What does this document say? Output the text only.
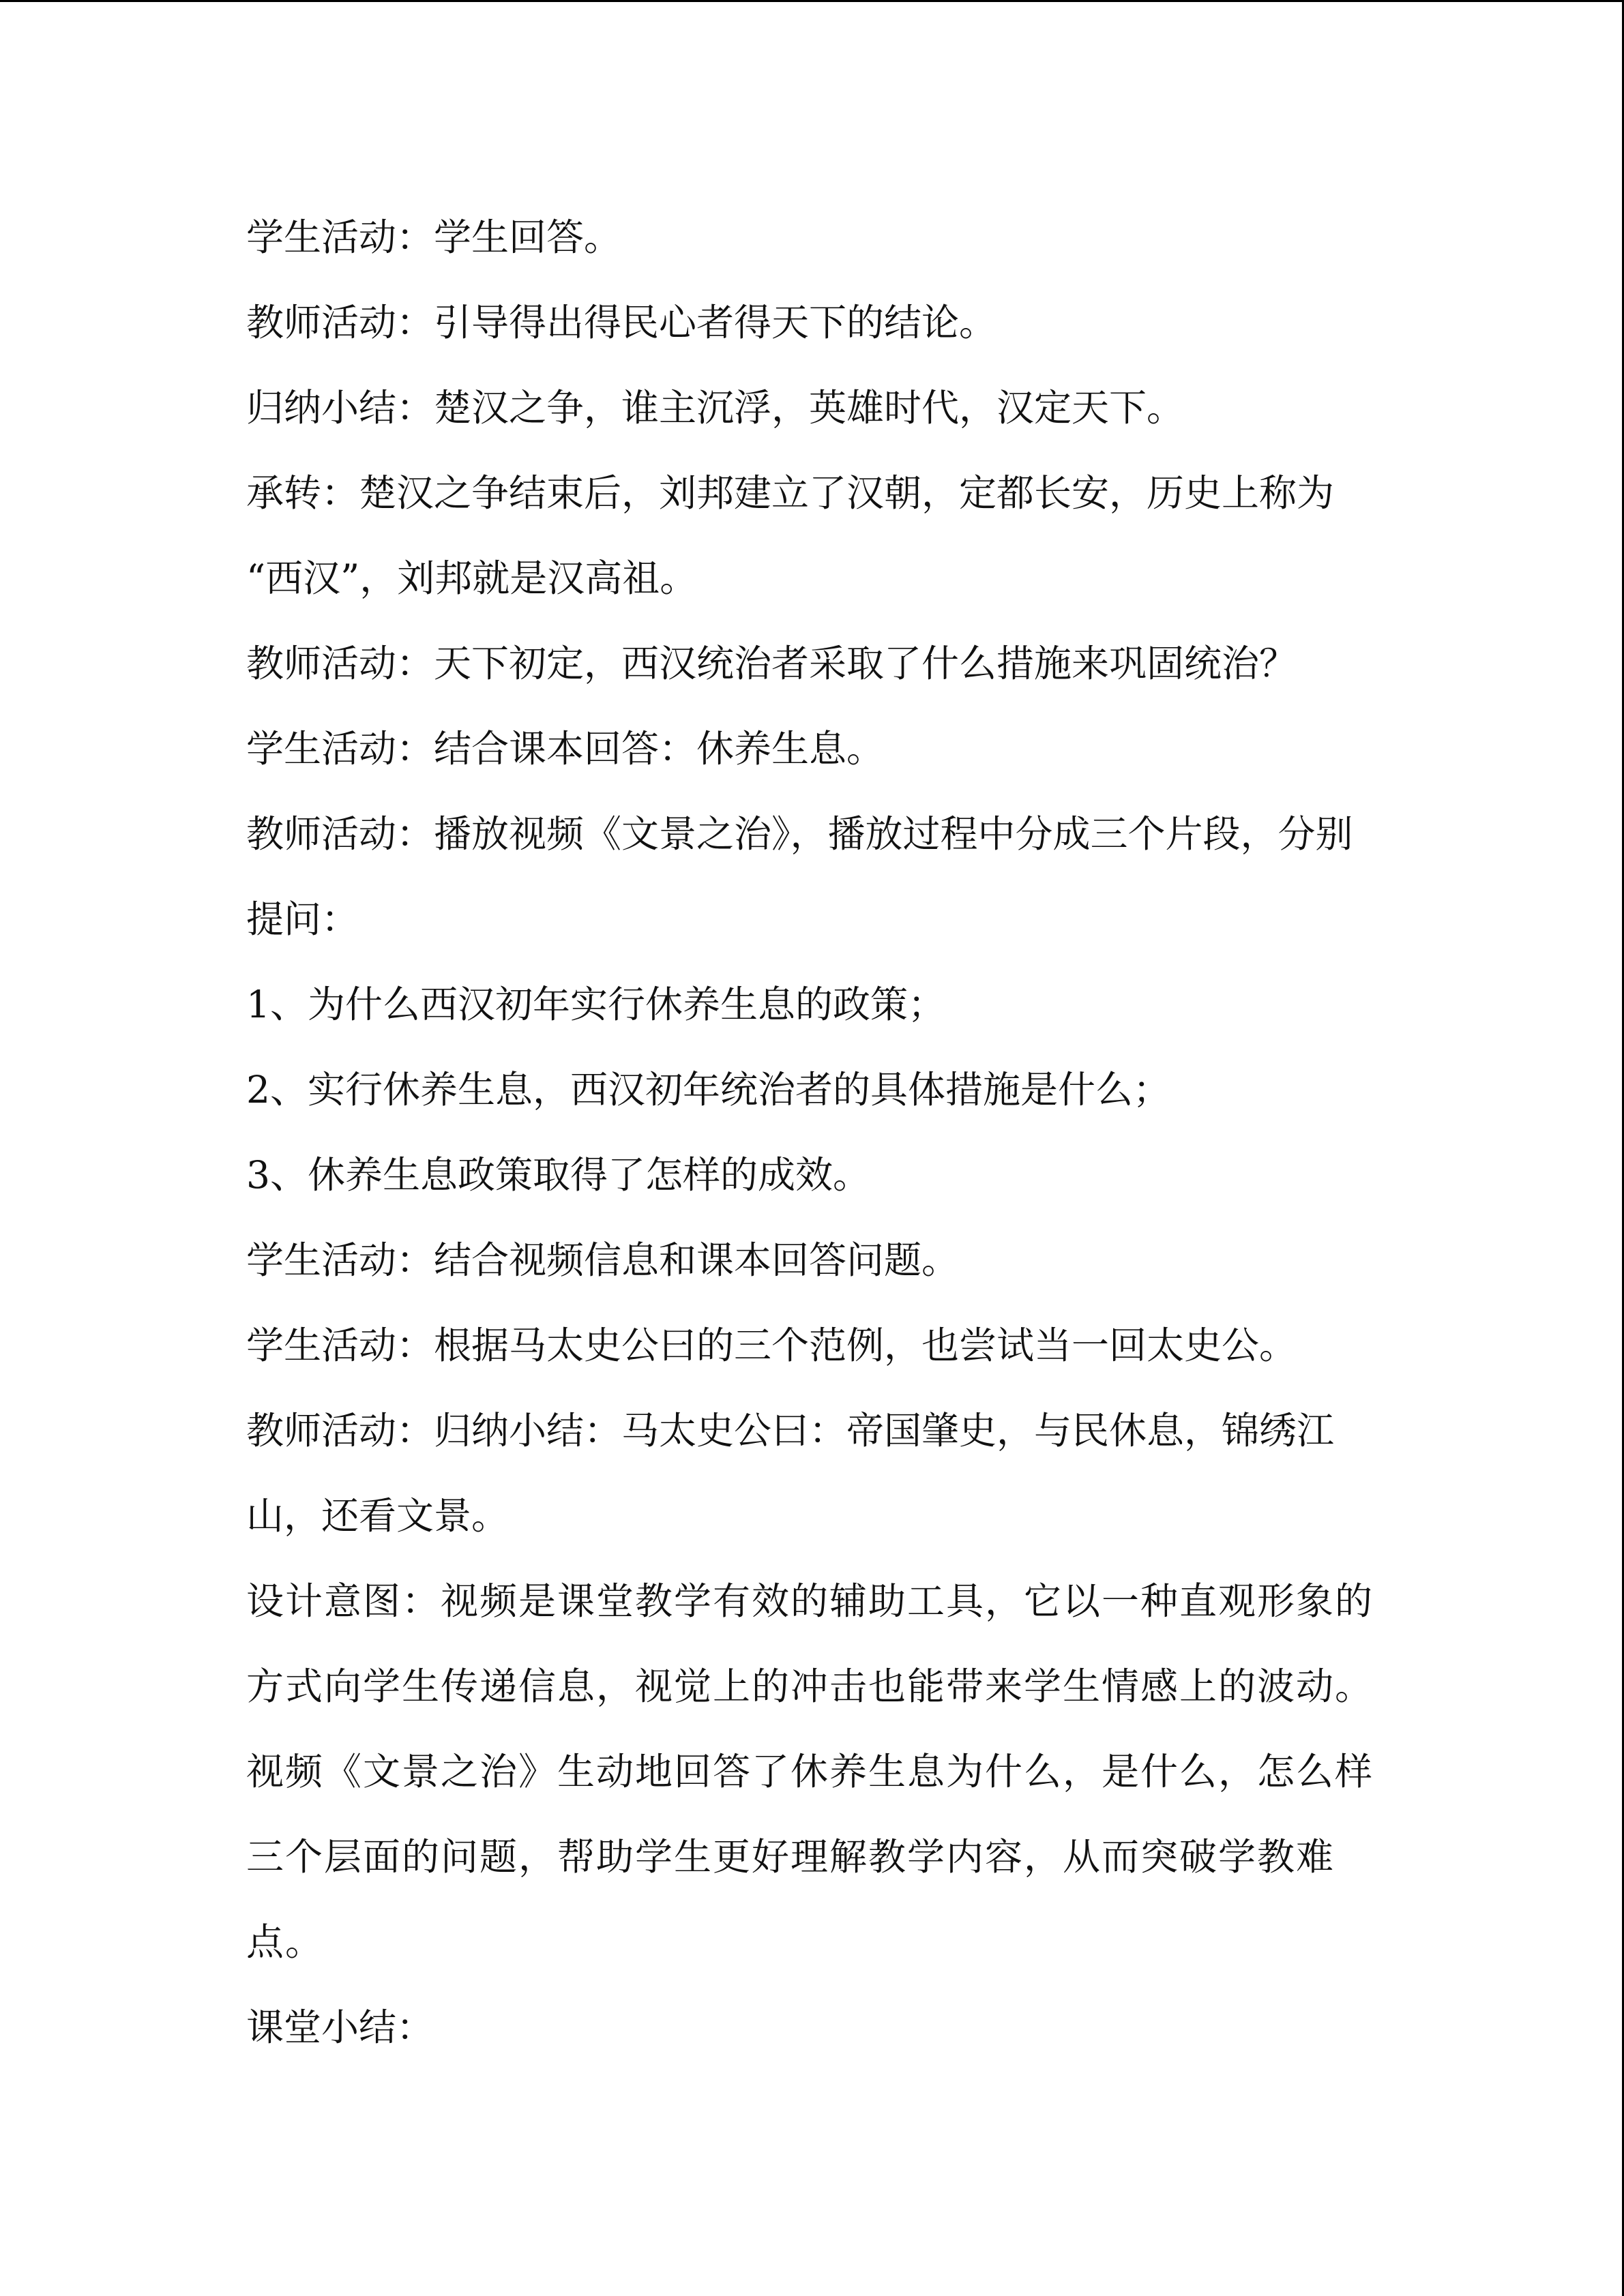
学生活动：学生回答。
教师活动：引导得出得民心者得天下的结论。
归纳小结：楚汉之争，谁主沉浮，英雄时代，汉定天下。
承转：楚汉之争结束后，刘邦建立了汉朝，定都长安，历史上称为
“西汉”，刘邦就是汉高祖。
教师活动：天下初定，西汉统治者采取了什么措施来巩固统治？
学生活动：结合课本回答：休养生息。
教师活动：播放视频《文景之治》，播放过程中分成三个片段，分别
提问：
1、为什么西汉初年实行休养生息的政策；
2、实行休养生息，西汉初年统治者的具体措施是什么；
3、休养生息政策取得了怎样的成效。
学生活动：结合视频信息和课本回答问题。
学生活动：根据马太史公曰的三个范例，也尝试当一回太史公。
教师活动：归纳小结：马太史公曰：帝国肇史，与民休息，锦绣江
山，还看文景。
设计意图：视频是课堂教学有效的辅助工具，它以一种直观形象的
方式向学生传递信息，视觉上的冲击也能带来学生情感上的波动。
视频《文景之治》生动地回答了休养生息为什么，是什么，怎么样
三个层面的问题，帮助学生更好理解教学内容，从而突破学教难
点。
课堂小结：
